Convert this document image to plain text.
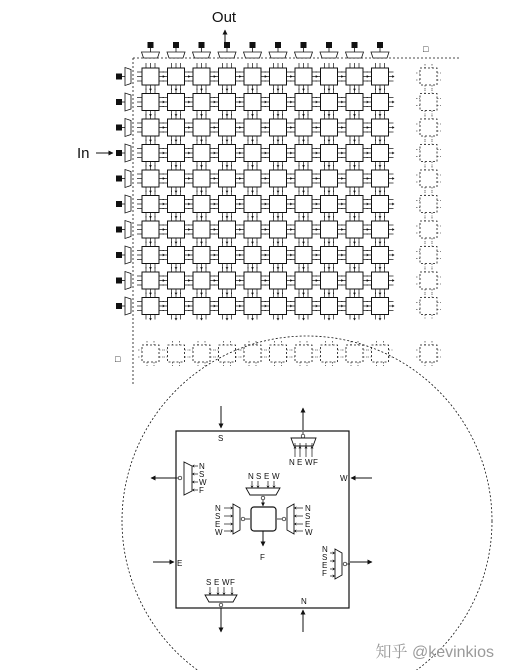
Out
In
□
□
S
W
E
N
N E W F
N
S
W
F
N S E W
F
N
S
E
W
N
S
E
W
N
S
E
F
S E W F
知乎 @kevinkios
